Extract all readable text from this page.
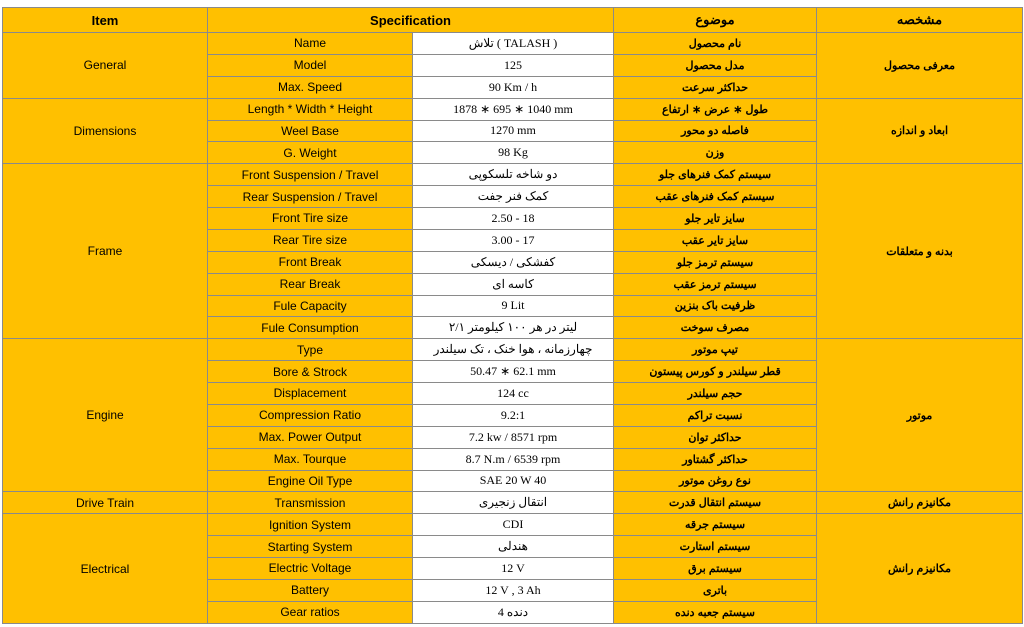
Item	Specification		موضوع	مشخصه
General	Name	تلاش ( TALASH )	نام محصول	معرفی محصول
	Model	125	مدل محصول	
	Max. Speed	90 Km / h	حداکثر سرعت	
Dimensions	Length * Width * Height	1878 ∗ 695 ∗ 1040 mm	طول ∗ عرض ∗ ارتفاع	ابعاد و اندازه
	Weel Base	1270 mm	فاصله دو محور	
	G. Weight	98 Kg	وزن	
Frame	Front Suspension / Travel	دو شاخه تلسکوپی	سیستم کمک فنرهای جلو	بدنه و متعلقات
	Rear Suspension / Travel	کمک فنر جفت	سیستم کمک فنرهای عقب	
	Front Tire size	2.50 - 18	سایز تایر جلو	
	Rear Tire size	3.00 - 17	سایز تایر عقب	
	Front Break	کفشکی / دیسکی	سیستم ترمز جلو	
	Rear Break	کاسه ای	سیستم ترمز عقب	
	Fule Capacity	9 Lit	ظرفیت باک بنزین	
	Fule Consumption	۲/۱ لیتر در هر ۱۰۰ کیلومتر	مصرف سوخت	
Engine	Type	چهارزمانه ، هوا خنک ، تک سیلندر	تیپ موتور	موتور
	Bore & Strock	50.47 ∗ 62.1 mm	قطر سیلندر و کورس پیستون	
	Displacement	124 cc	حجم سیلندر	
	Compression Ratio	9.2:1	نسبت تراکم	
	Max. Power Output	7.2 kw / 8571 rpm	حداکثر توان	
	Max. Tourque	8.7 N.m / 6539 rpm	حداکثر گشتاور	
	Engine Oil Type	SAE 20 W 40	نوع روغن موتور	
Drive Train	Transmission	انتقال زنجیری	سیستم انتقال قدرت	مکانیزم رانش
Electrical	Ignition System	CDI	سیستم جرقه	مکانیزم رانش
	Starting System	هندلی	سیستم استارت	
	Electric Voltage	12 V	سیستم برق	
	Battery	12 V , 3 Ah	باتری	
	Gear ratios	4 دنده	سیستم جعبه دنده	
